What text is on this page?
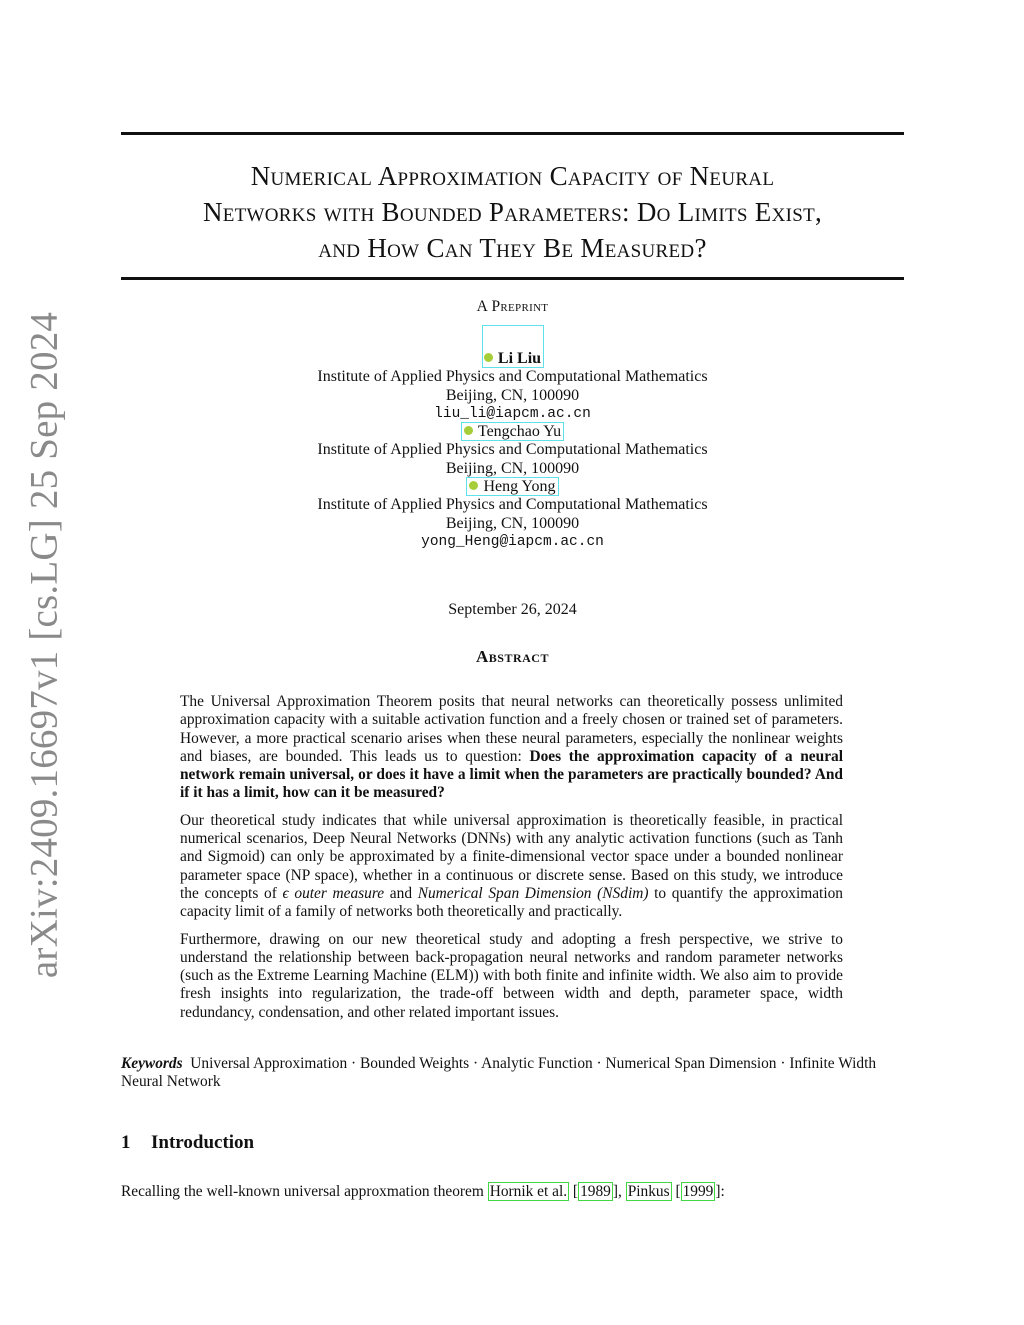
arXiv:2409.16697v1 [cs.LG] 25 Sep 2024
Numerical Approximation Capacity of Neural
Networks with Bounded Parameters: Do Limits Exist,
and How Can They Be Measured?
A Preprint
Li Liu
Institute of Applied Physics and Computational Mathematics
Beijing, CN, 100090
liu_li@iapcm.ac.cn
Tengchao Yu
Institute of Applied Physics and Computational Mathematics
Beijing, CN, 100090
Heng Yong
Institute of Applied Physics and Computational Mathematics
Beijing, CN, 100090
yong_Heng@iapcm.ac.cn
September 26, 2024
Abstract

The Universal Approximation Theorem posits that neural networks can theoretically possess unlimited approximation capacity with a suitable activation function and a freely chosen or trained set of parameters. However, a more practical scenario arises when these neural parameters, especially the nonlinear weights and biases, are bounded. This leads us to question: Does the approximation capacity of a neural network remain universal, or does it have a limit when the parameters are practically bounded? And if it has a limit, how can it be measured?

Our theoretical study indicates that while universal approximation is theoretically feasible, in practical numerical scenarios, Deep Neural Networks (DNNs) with any analytic activation functions (such as Tanh and Sigmoid) can only be approximated by a finite-dimensional vector space under a bounded nonlinear parameter space (NP space), whether in a continuous or discrete sense. Based on this study, we introduce the concepts of ϵ outer measure and Numerical Span Dimension (NSdim) to quantify the approximation capacity limit of a family of networks both theoretically and practically.

Furthermore, drawing on our new theoretical study and adopting a fresh perspective, we strive to understand the relationship between back-propagation neural networks and random parameter networks (such as the Extreme Learning Machine (ELM)) with both finite and infinite width. We also aim to provide fresh insights into regularization, the trade-off between width and depth, parameter space, width redundancy, condensation, and other related important issues.

Keywords Universal Approximation · Bounded Weights · Analytic Function · Numerical Span Dimension · Infinite Width Neural Network
1 Introduction
Recalling the well-known universal approxmation theorem Hornik et al. [ 1989 ], Pinkus [ 1999 ]:
